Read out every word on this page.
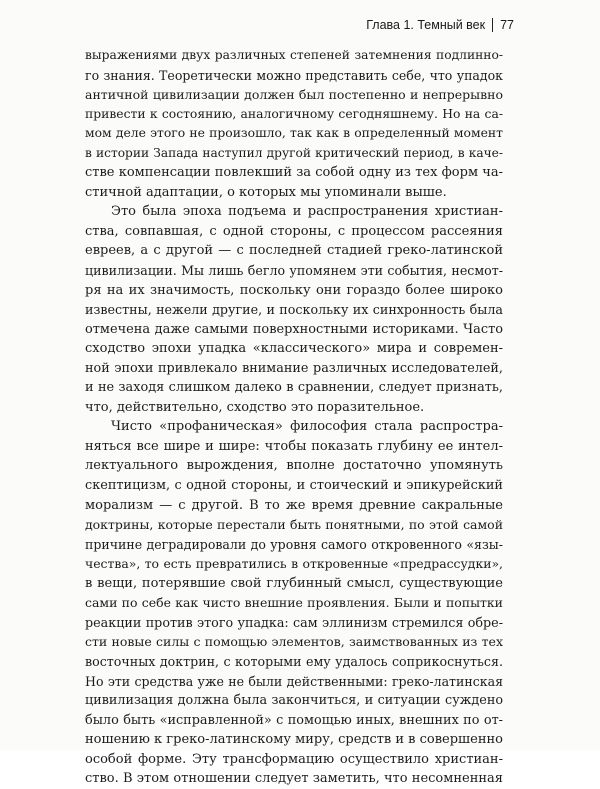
Глава 1. Темный век 77
выражениями двух различных степеней затемнения подлинно-
го знания. Теоретически можно представить себе, что упадок
античной цивилизации должен был постепенно и непрерывно
привести к состоянию, аналогичному сегодняшнему. Но на са-
мом деле этого не произошло, так как в определенный момент
в истории Запада наступил другой критический период, в каче-
стве компенсации повлекший за собой одну из тех форм ча-
стичной адаптации, о которых мы упоминали выше.
Это была эпоха подъема и распространения христиан-
ства, совпавшая, с одной стороны, с процессом рассеяния
евреев, а с другой — с последней стадией греко-латинской
цивилизации. Мы лишь бегло упомянем эти события, несмот-
ря на их значимость, поскольку они гораздо более широко
известны, нежели другие, и поскольку их синхронность была
отмечена даже самыми поверхностными историками. Часто
сходство эпохи упадка «классического» мира и современ-
ной эпохи привлекало внимание различных исследователей,
и не заходя слишком далеко в сравнении, следует признать,
что, действительно, сходство это поразительное.
Чисто «профаническая» философия стала распростра-
няться все шире и шире: чтобы показать глубину ее интел-
лектуального вырождения, вполне достаточно упомянуть
скептицизм, с одной стороны, и стоический и эпикурейский
морализм — с другой. В то же время древние сакральные
доктрины, которые перестали быть понятными, по этой самой
причине деградировали до уровня самого откровенного «язы-
чества», то есть превратились в откровенные «предрассудки»,
в вещи, потерявшие свой глубинный смысл, существующие
сами по себе как чисто внешние проявления. Были и попытки
реакции против этого упадка: сам эллинизм стремился обре-
сти новые силы с помощью элементов, заимствованных из тех
восточных доктрин, с которыми ему удалось соприкоснуться.
Но эти средства уже не были действенными: греко-латинская
цивилизация должна была закончиться, и ситуации суждено
было быть «исправленной» с помощью иных, внешних по от-
ношению к греко-латинскому миру, средств и в совершенно
особой форме. Эту трансформацию осуществило христиан-
ство. В этом отношении следует заметить, что несомненная
